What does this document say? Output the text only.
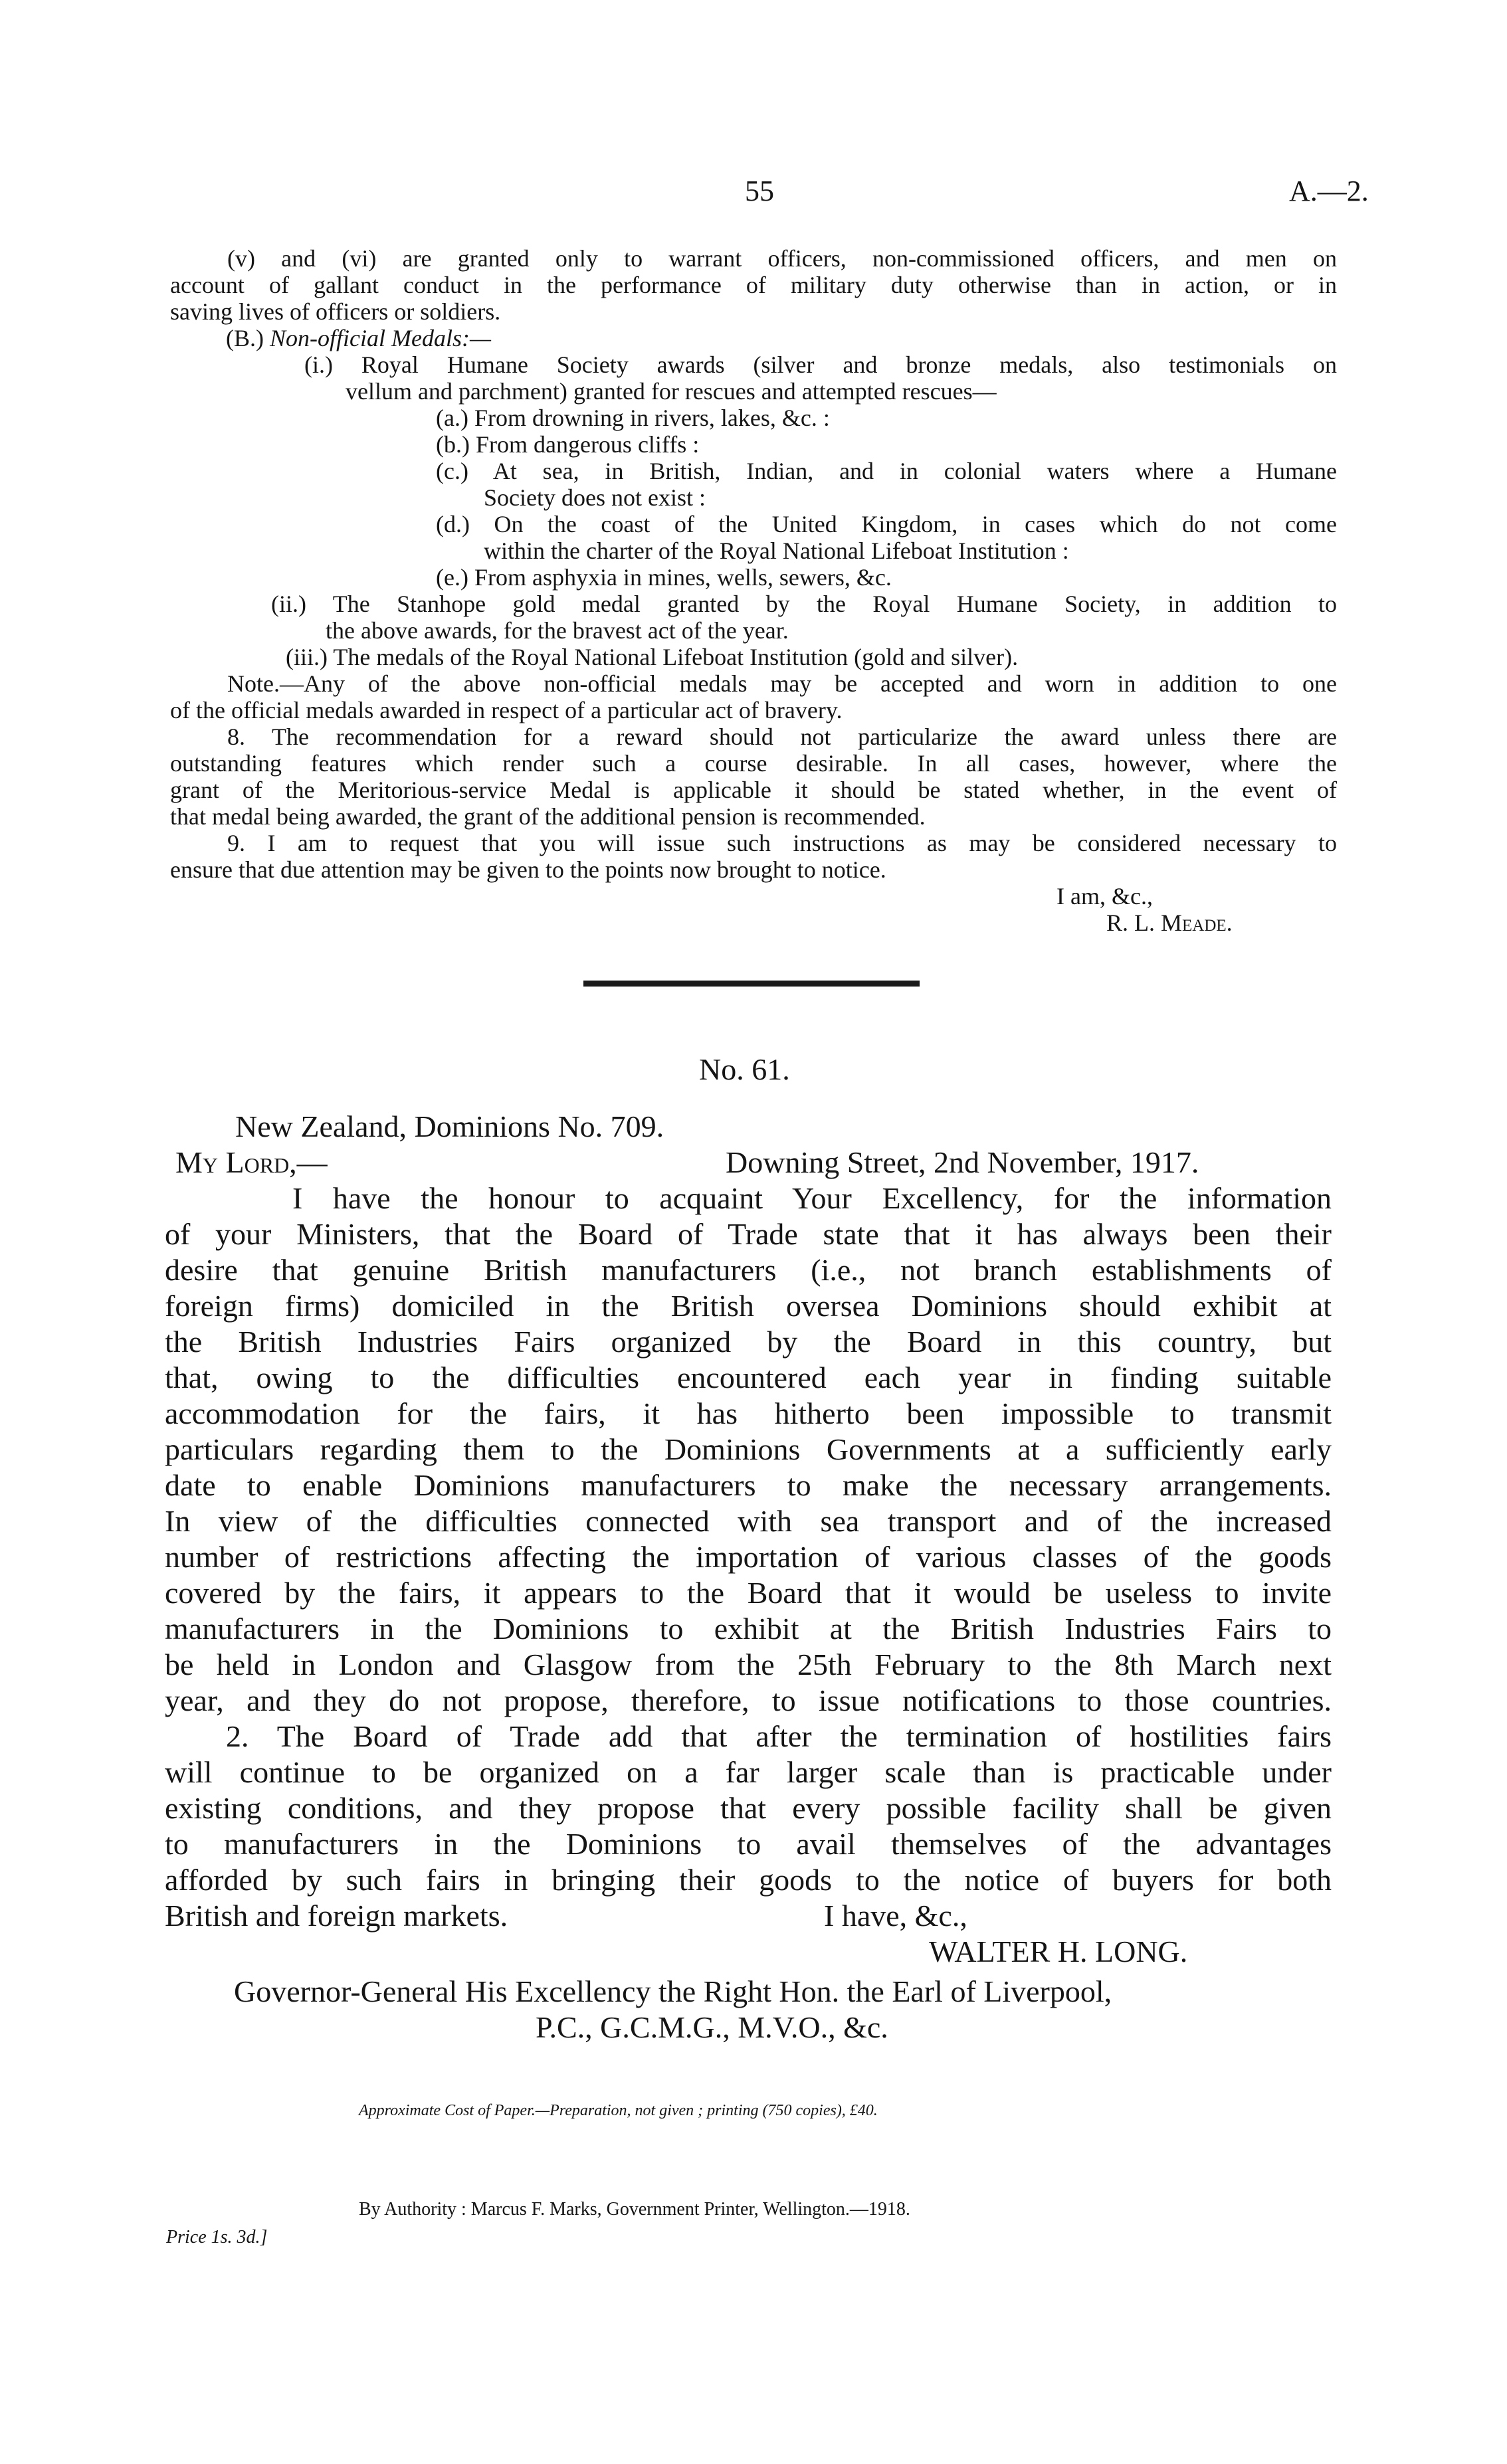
55	A.—2.
(v) and (vi) are granted only to warrant officers, non-commissioned officers, and men on
account of gallant conduct in the performance of military duty otherwise than in action, or in
saving lives of officers or soldiers.
(B.) Non-official Medals:—
(i.) Royal Humane Society awards (silver and bronze medals, also testimonials on
vellum and parchment) granted for rescues and attempted rescues—
(a.) From drowning in rivers, lakes, &c. :
(b.) From dangerous cliffs :
(c.) At sea, in British, Indian, and in colonial waters where a Humane
Society does not exist :
(d.) On the coast of the United Kingdom, in cases which do not come
within the charter of the Royal National Lifeboat Institution :
(e.) From asphyxia in mines, wells, sewers, &c.
(ii.) The Stanhope gold medal granted by the Royal Humane Society, in addition to
the above awards, for the bravest act of the year.
(iii.) The medals of the Royal National Lifeboat Institution (gold and silver).
Note.—Any of the above non-official medals may be accepted and worn in addition to one
of the official medals awarded in respect of a particular act of bravery.
8. The recommendation for a reward should not particularize the award unless there are
outstanding features which render such a course desirable. In all cases, however, where the
grant of the Meritorious-service Medal is applicable it should be stated whether, in the event of
that medal being awarded, the grant of the additional pension is recommended.
9. I am to request that you will issue such instructions as may be considered necessary to
ensure that due attention may be given to the points now brought to notice.
I am, &c.,
R. L. Meade.
No. 61.
New Zealand, Dominions No. 709.
My Lord,—	Downing Street, 2nd November, 1917.
I have the honour to acquaint Your Excellency, for the information
of your Ministers, that the Board of Trade state that it has always been their
desire that genuine British manufacturers (i.e., not branch establishments of
foreign firms) domiciled in the British oversea Dominions should exhibit at
the British Industries Fairs organized by the Board in this country, but
that, owing to the difficulties encountered each year in finding suitable
accommodation for the fairs, it has hitherto been impossible to transmit
particulars regarding them to the Dominions Governments at a sufficiently early
date to enable Dominions manufacturers to make the necessary arrangements.
In view of the difficulties connected with sea transport and of the increased
number of restrictions affecting the importation of various classes of the goods
covered by the fairs, it appears to the Board that it would be useless to invite
manufacturers in the Dominions to exhibit at the British Industries Fairs to
be held in London and Glasgow from the 25th February to the 8th March next
year, and they do not propose, therefore, to issue notifications to those countries.
2. The Board of Trade add that after the termination of hostilities fairs
will continue to be organized on a far larger scale than is practicable under
existing conditions, and they propose that every possible facility shall be given
to manufacturers in the Dominions to avail themselves of the advantages
afforded by such fairs in bringing their goods to the notice of buyers for both
British and foreign markets.	I have, &c.,
WALTER H. LONG.
Governor-General His Excellency the Right Hon. the Earl of Liverpool,
P.C., G.C.M.G., M.V.O., &c.
Approximate Cost of Paper.—Preparation, not given ; printing (750 copies), £40.
By Authority : Marcus F. Marks, Government Printer, Wellington.—1918.
Price 1s. 3d.]
